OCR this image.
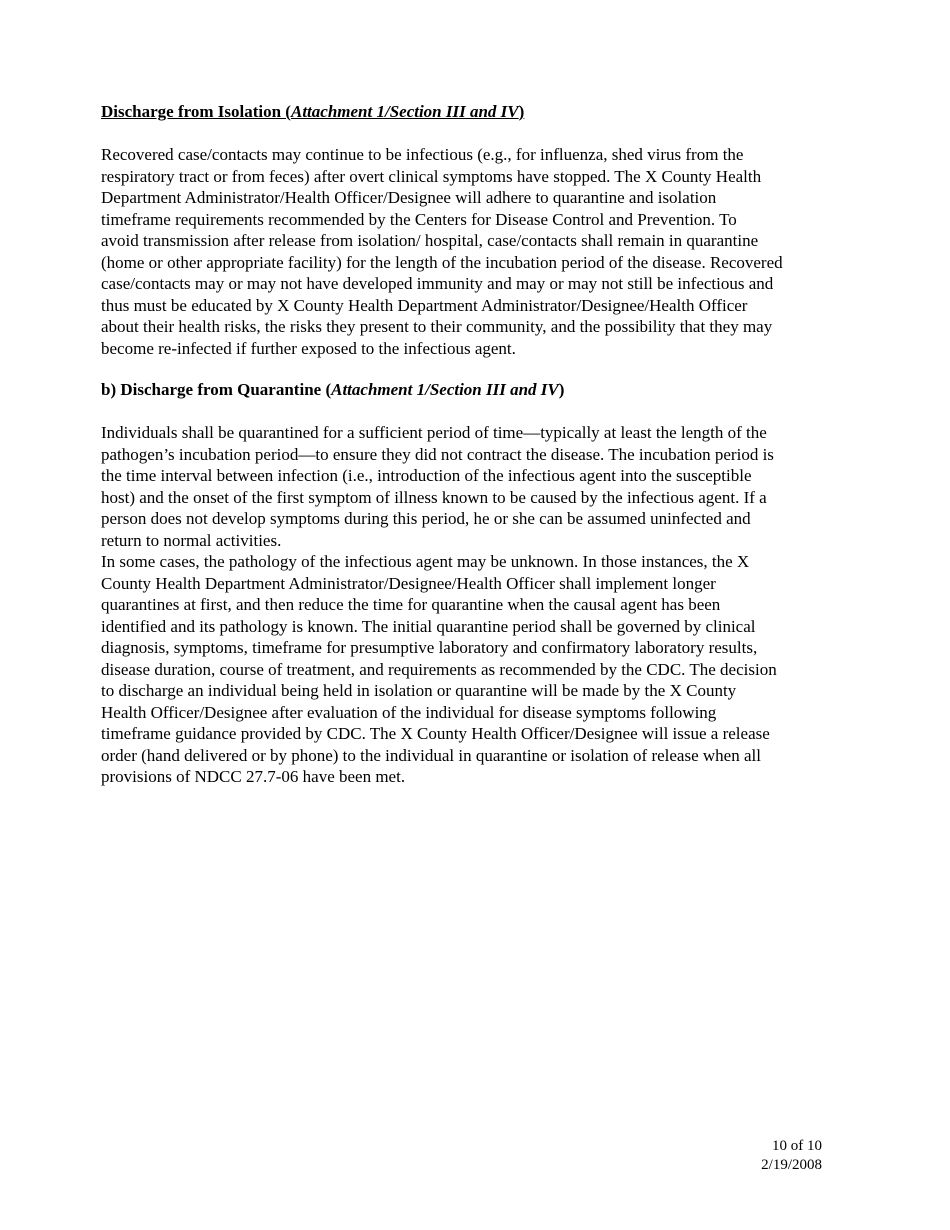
Discharge from Isolation (Attachment 1/Section III and IV)

Recovered case/contacts may continue to be infectious (e.g., for influenza, shed virus from the
respiratory tract or from feces) after overt clinical symptoms have stopped. The X County Health
Department Administrator/Health Officer/Designee will adhere to quarantine and isolation
timeframe requirements recommended by the Centers for Disease Control and Prevention. To
avoid transmission after release from isolation/ hospital, case/contacts shall remain in quarantine
(home or other appropriate facility) for the length of the incubation period of the disease. Recovered
case/contacts may or may not have developed immunity and may or may not still be infectious and
thus must be educated by X County Health Department Administrator/Designee/Health Officer
about their health risks, the risks they present to their community, and the possibility that they may
become re-infected if further exposed to the infectious agent.

b) Discharge from Quarantine (Attachment 1/Section III and IV)

Individuals shall be quarantined for a sufficient period of time—typically at least the length of the
pathogen’s incubation period—to ensure they did not contract the disease. The incubation period is
the time interval between infection (i.e., introduction of the infectious agent into the susceptible
host) and the onset of the first symptom of illness known to be caused by the infectious agent. If a
person does not develop symptoms during this period, he or she can be assumed uninfected and
return to normal activities.

In some cases, the pathology of the infectious agent may be unknown. In those instances, the X
County Health Department Administrator/Designee/Health Officer shall implement longer
quarantines at first, and then reduce the time for quarantine when the causal agent has been
identified and its pathology is known. The initial quarantine period shall be governed by clinical
diagnosis, symptoms, timeframe for presumptive laboratory and confirmatory laboratory results,
disease duration, course of treatment, and requirements as recommended by the CDC. The decision
to discharge an individual being held in isolation or quarantine will be made by the X County
Health Officer/Designee after evaluation of the individual for disease symptoms following
timeframe guidance provided by CDC. The X County Health Officer/Designee will issue a release
order (hand delivered or by phone) to the individual in quarantine or isolation of release when all
provisions of NDCC 27.7-06 have been met.

10 of 10
2/19/2008
